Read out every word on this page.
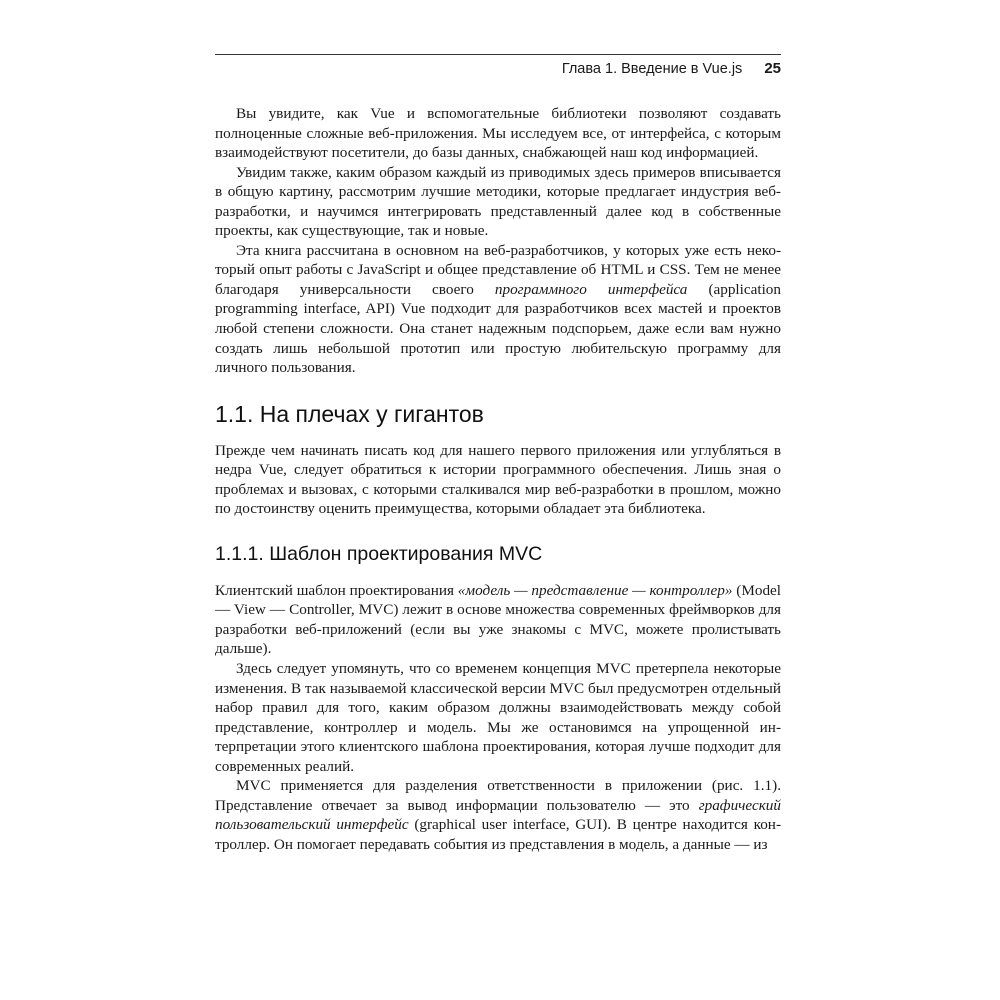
Глава 1. Введение в Vue.js 25

Вы увидите, как Vue и вспомогательные библиотеки позволяют создавать полноценные сложные веб-приложения. Мы исследуем все, от интерфейса, с которым взаимодействуют посетители, до базы данных, снабжающей наш код информацией.

Увидим также, каким образом каждый из приводимых здесь примеров вписывается в общую картину, рассмотрим лучшие методики, которые предлагает индустрия веб-разработки, и научимся интегрировать представленный далее код в собственные проекты, как существующие, так и новые.

Эта книга рассчитана в основном на веб-разработчиков, у которых уже есть некоторый опыт работы с JavaScript и общее представление об HTML и CSS. Тем не менее благодаря универсальности своего программного интерфейса (application programming interface, API) Vue подходит для разработчиков всех мастей и проектов любой степени сложности. Она станет надежным подспорьем, даже если вам нужно создать лишь небольшой прототип или простую любительскую программу для личного пользования.

1.1. На плечах у гигантов

Прежде чем начинать писать код для нашего первого приложения или углубляться в недра Vue, следует обратиться к истории программного обеспечения. Лишь зная о проблемах и вызовах, с которыми сталкивался мир веб-разработки в прошлом, можно по достоинству оценить преимущества, которыми обладает эта библиотека.

1.1.1. Шаблон проектирования MVC

Клиентский шаблон проектирования «модель — представление — контроллер» (Model — View — Controller, MVC) лежит в основе множества современных фреймворков для разработки веб-приложений (если вы уже знакомы с MVC, можете пролистывать дальше).

Здесь следует упомянуть, что со временем концепция MVC претерпела некоторые изменения. В так называемой классической версии MVC был предусмотрен отдельный набор правил для того, каким образом должны взаимодействовать между собой представление, контроллер и модель. Мы же остановимся на упрощенной интерпретации этого клиентского шаблона проектирования, которая лучше подходит для современных реалий.

MVC применяется для разделения ответственности в приложении (рис. 1.1). Представление отвечает за вывод информации пользователю — это графический пользовательский интерфейс (graphical user interface, GUI). В центре находится контроллер. Он помогает передавать события из представления в модель, а данные — из
